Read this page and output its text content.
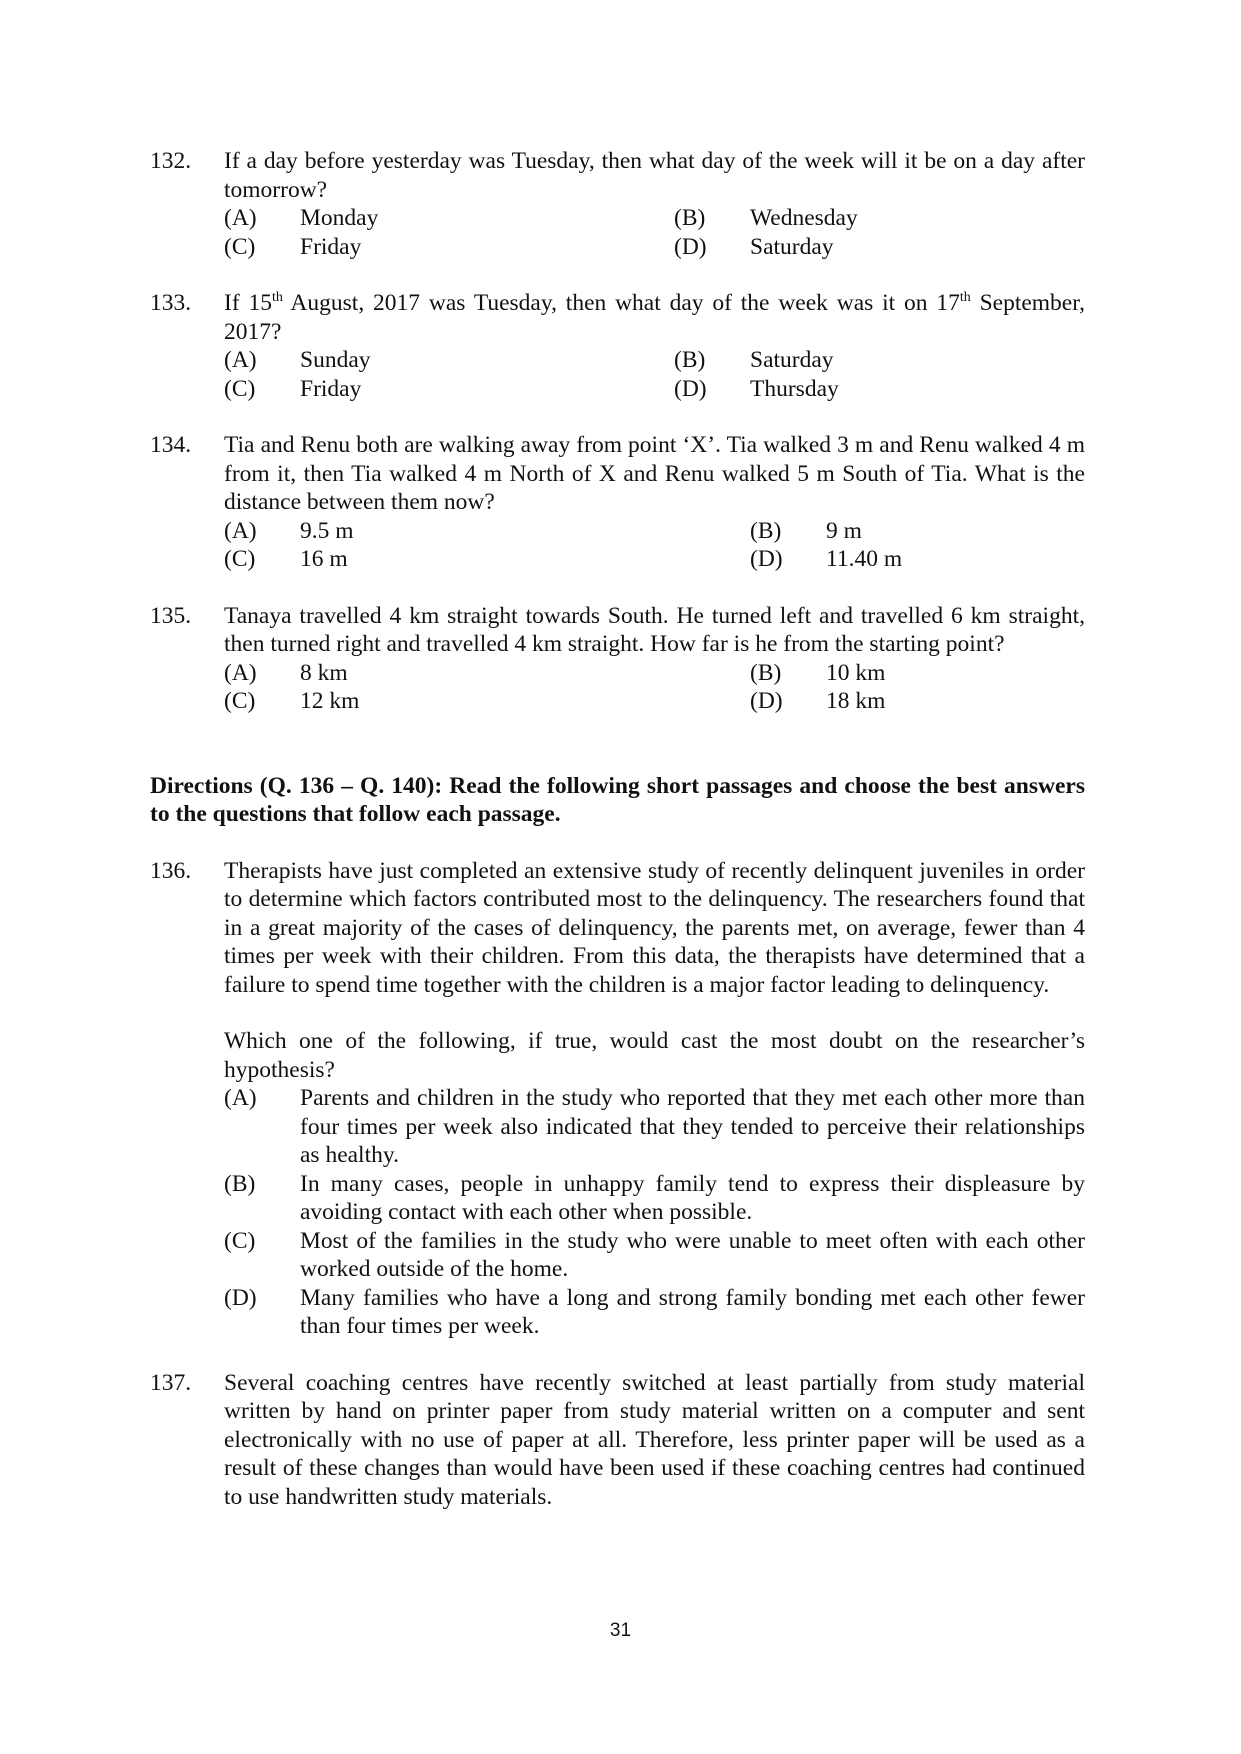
132.	If a day before yesterday was Tuesday, then what day of the week will it be on a day after tomorrow?
(A)	Monday	(B)	Wednesday
(C)	Friday	(D)	Saturday
133.	If 15th August, 2017 was Tuesday, then what day of the week was it on 17th September, 2017?
(A)	Sunday	(B)	Saturday
(C)	Friday	(D)	Thursday
134.	Tia and Renu both are walking away from point ‘X’. Tia walked 3 m and Renu walked 4 m from it, then Tia walked 4 m North of X and Renu walked 5 m South of Tia. What is the distance between them now?
(A)	9.5 m	(B)	9 m
(C)	16 m	(D)	11.40 m
135.	Tanaya travelled 4 km straight towards South. He turned left and travelled 6 km straight, then turned right and travelled 4 km straight. How far is he from the starting point?
(A)	8 km	(B)	10 km
(C)	12 km	(D)	18 km
Directions (Q. 136 – Q. 140): Read the following short passages and choose the best answers to the questions that follow each passage.
136.	Therapists have just completed an extensive study of recently delinquent juveniles in order to determine which factors contributed most to the delinquency. The researchers found that in a great majority of the cases of delinquency, the parents met, on average, fewer than 4 times per week with their children. From this data, the therapists have determined that a failure to spend time together with the children is a major factor leading to delinquency.
Which one of the following, if true, would cast the most doubt on the researcher’s hypothesis?
(A)	Parents and children in the study who reported that they met each other more than four times per week also indicated that they tended to perceive their relationships as healthy.
(B)	In many cases, people in unhappy family tend to express their displeasure by avoiding contact with each other when possible.
(C)	Most of the families in the study who were unable to meet often with each other worked outside of the home.
(D)	Many families who have a long and strong family bonding met each other fewer than four times per week.
137.	Several coaching centres have recently switched at least partially from study material written by hand on printer paper from study material written on a computer and sent electronically with no use of paper at all. Therefore, less printer paper will be used as a result of these changes than would have been used if these coaching centres had continued to use handwritten study materials.
31
